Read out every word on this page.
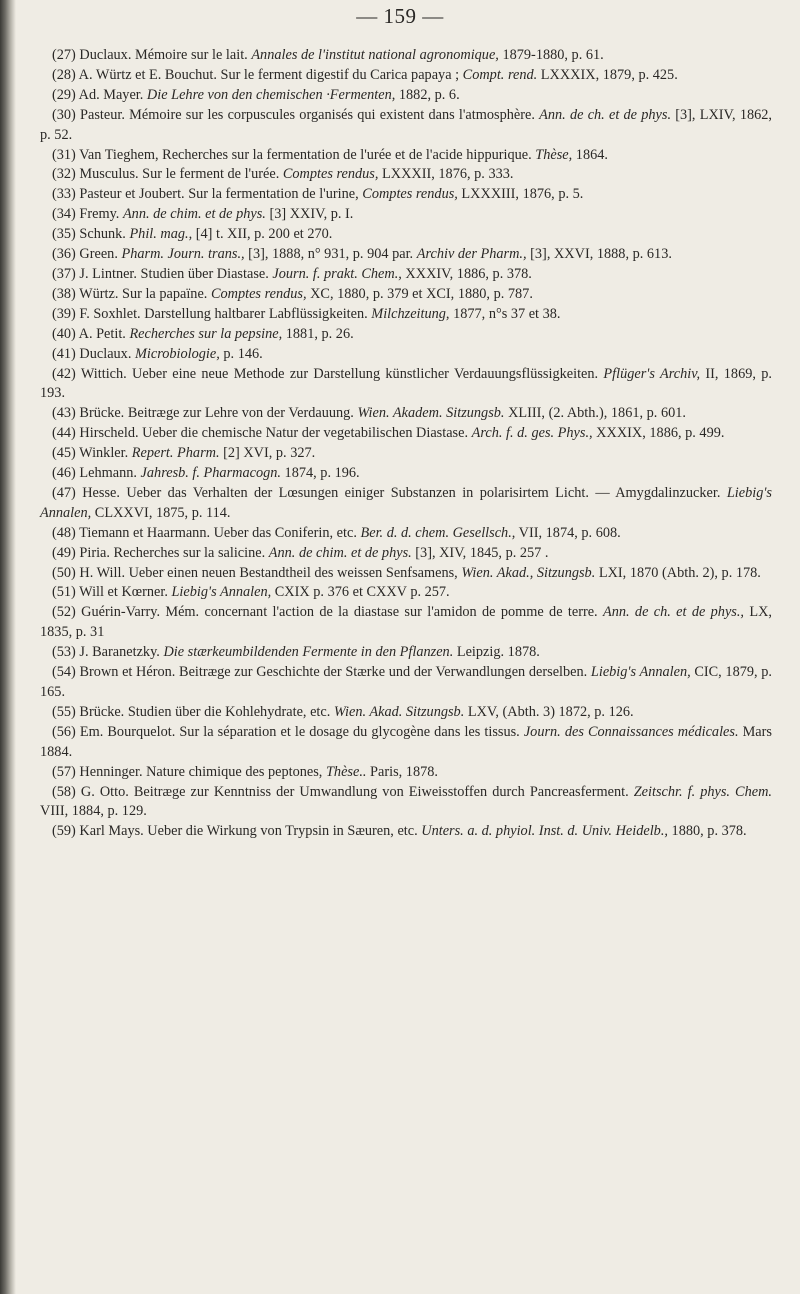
— 159 —

(27) Duclaux. Mémoire sur le lait. Annales de l'institut national agronomique, 1879-1880, p. 61.

(28) A. Würtz et E. Bouchut. Sur le ferment digestif du Carica papaya ; Compt. rend. LXXXIX, 1879, p. 425.

(29) Ad. Mayer. Die Lehre von den chemischen ·Fermenten, 1882, p. 6.

(30) Pasteur. Mémoire sur les corpuscules organisés qui existent dans l'atmosphère. Ann. de ch. et de phys. [3], LXIV, 1862, p. 52.

(31) Van Tieghem, Recherches sur la fermentation de l'urée et de l'acide hippurique. Thèse, 1864.

(32) Musculus. Sur le ferment de l'urée. Comptes rendus, LXXXII, 1876, p. 333.

(33) Pasteur et Joubert. Sur la fermentation de l'urine, Comptes rendus, LXXXIII, 1876, p. 5.

(34) Fremy. Ann. de chim. et de phys. [3] XXIV, p. I.

(35) Schunk. Phil. mag., [4] t. XII, p. 200 et 270.

(36) Green. Pharm. Journ. trans., [3], 1888, n° 931, p. 904 par. Archiv der Pharm., [3], XXVI, 1888, p. 613.

(37) J. Lintner. Studien über Diastase. Journ. f. prakt. Chem., XXXIV, 1886, p. 378.

(38) Würtz. Sur la papaïne. Comptes rendus, XC, 1880, p. 379 et XCI, 1880, p. 787.

(39) F. Soxhlet. Darstellung haltbarer Labflüssigkeiten. Milchzeitung, 1877, n°s 37 et 38.

(40) A. Petit. Recherches sur la pepsine, 1881, p. 26.

(41) Duclaux. Microbiologie, p. 146.

(42) Wittich. Ueber eine neue Methode zur Darstellung künstlicher Verdauungsflüssigkeiten. Pflüger's Archiv, II, 1869, p. 193.

(43) Brücke. Beitræge zur Lehre von der Verdauung. Wien. Akadem. Sitzungsb. XLIII, (2. Abth.), 1861, p. 601.

(44) Hirscheld. Ueber die chemische Natur der vegetabilischen Diastase. Arch. f. d. ges. Phys., XXXIX, 1886, p. 499.

(45) Winkler. Repert. Pharm. [2] XVI, p. 327.

(46) Lehmann. Jahresb. f. Pharmacogn. 1874, p. 196.

(47) Hesse. Ueber das Verhalten der Lœsungen einiger Substanzen in polarisirtem Licht. — Amygdalinzucker. Liebig's Annalen, CLXXVI, 1875, p. 114.

(48) Tiemann et Haarmann. Ueber das Coniferin, etc. Ber. d. d. chem. Gesellsch., VII, 1874, p. 608.

(49) Piria. Recherches sur la salicine. Ann. de chim. et de phys. [3], XIV, 1845, p. 257 .

(50) H. Will. Ueber einen neuen Bestandtheil des weissen Senfsamens, Wien. Akad., Sitzungsb. LXI, 1870 (Abth. 2), p. 178.

(51) Will et Kœrner. Liebig's Annalen, CXIX p. 376 et CXXV p. 257.

(52) Guérin-Varry. Mém. concernant l'action de la diastase sur l'amidon de pomme de terre. Ann. de ch. et de phys., LX, 1835, p. 31

(53) J. Baranetzky. Die stærkeumbildenden Fermente in den Pflanzen. Leipzig. 1878.

(54) Brown et Héron. Beitræge zur Geschichte der Stærke und der Verwandlungen derselben. Liebig's Annalen, CIC, 1879, p. 165.

(55) Brücke. Studien über die Kohlehydrate, etc. Wien. Akad. Sitzungsb. LXV, (Abth. 3) 1872, p. 126.

(56) Em. Bourquelot. Sur la séparation et le dosage du glycogène dans les tissus. Journ. des Connaissances médicales. Mars 1884.

(57) Henninger. Nature chimique des peptones, Thèse.. Paris, 1878.

(58) G. Otto. Beitræge zur Kenntniss der Umwandlung von Eiweisstoffen durch Pancreasferment. Zeitschr. f. phys. Chem. VIII, 1884, p. 129.

(59) Karl Mays. Ueber die Wirkung von Trypsin in Sæuren, etc. Unters. a. d. phyiol. Inst. d. Univ. Heidelb., 1880, p. 378.
